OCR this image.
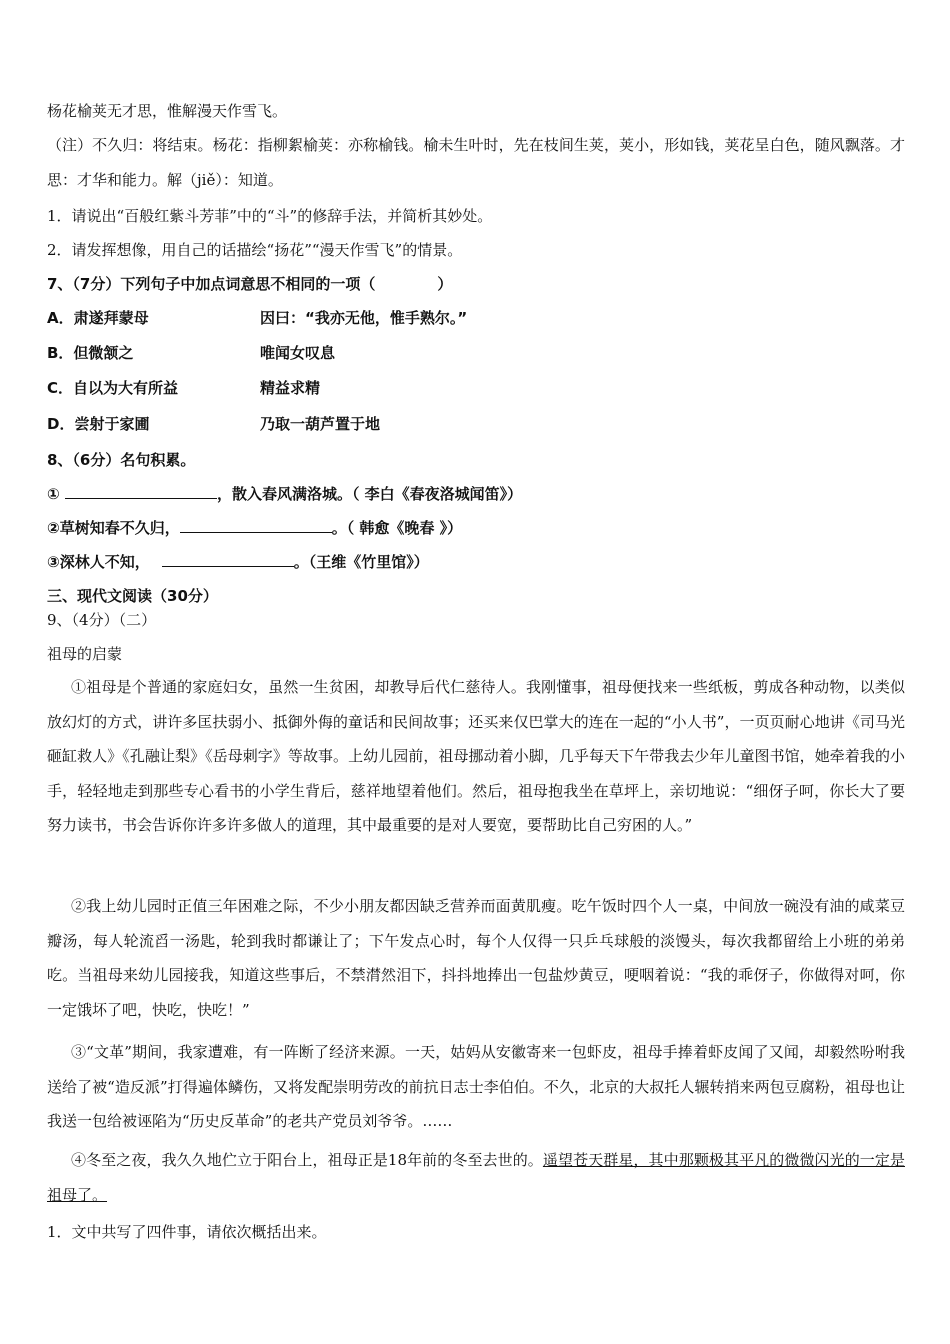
杨花榆荚无才思，惟解漫天作雪飞。
（注）不久归：将结束。杨花：指柳絮榆荚：亦称榆钱。榆未生叶时，先在枝间生荚，荚小，形如钱，荚花呈白色，随风飘落。才思：才华和能力。解（jiě）：知道。
1．请说出“百般红紫斗芳菲”中的“斗”的修辞手法，并简析其妙处。
2．请发挥想像，用自己的话描绘“扬花”“漫天作雪飞”的情景。
7、（7分）下列句子中加点词意思不相同的一项（	）
A．肃遂拜蒙母	因曰：“我亦无他，惟手熟尔。”
B．但微颔之	唯闻女叹息
C．自以为大有所益	精益求精
D．尝射于家圃	乃取一葫芦置于地
8、（6分）名句积累。
①	，散入春风满洛城。（ 李白《春夜洛城闻笛》）
②草树知春不久归，	。（ 韩愈《晚春 》）
③深林人不知，	。（王维《竹里馆》）
三、现代文阅读（30分）
9、（4分）（二）
祖母的启蒙
①祖母是个普通的家庭妇女，虽然一生贫困，却教导后代仁慈待人。我刚懂事，祖母便找来一些纸板，剪成各种动物，以类似放幻灯的方式，讲许多匡扶弱小、抵御外侮的童话和民间故事；还买来仅巴掌大的连在一起的“小人书”，一页页耐心地讲《司马光砸缸救人》《孔融让梨》《岳母刺字》等故事。上幼儿园前，祖母挪动着小脚，几乎每天下午带我去少年儿童图书馆，她牵着我的小手，轻轻地走到那些专心看书的小学生背后，慈祥地望着他们。然后，祖母抱我坐在草坪上，亲切地说：“细伢子呵，你长大了要努力读书，书会告诉你许多许多做人的道理，其中最重要的是对人要宽，要帮助比自己穷困的人。”
②我上幼儿园时正值三年困难之际，不少小朋友都因缺乏营养而面黄肌瘦。吃午饭时四个人一桌，中间放一碗没有油的咸菜豆瓣汤，每人轮流舀一汤匙，轮到我时都谦让了；下午发点心时，每个人仅得一只乒乓球般的淡馒头，每次我都留给上小班的弟弟吃。当祖母来幼儿园接我，知道这些事后，不禁潸然泪下，抖抖地捧出一包盐炒黄豆，哽咽着说：“我的乖伢子，你做得对呵，你一定饿坏了吧，快吃，快吃！”
③“文革”期间，我家遭难，有一阵断了经济来源。一天，姑妈从安徽寄来一包虾皮，祖母手捧着虾皮闻了又闻，却毅然吩咐我送给了被“造反派”打得遍体鳞伤，又将发配崇明劳改的前抗日志士李伯伯。不久，北京的大叔托人辗转捎来两包豆腐粉，祖母也让我送一包给被诬陷为“历史反革命”的老共产党员刘爷爷。……
④冬至之夜，我久久地伫立于阳台上，祖母正是18年前的冬至去世的。遥望苍天群星，其中那颗极其平凡的微微闪光的一定是祖母了。
1．文中共写了四件事，请依次概括出来。
